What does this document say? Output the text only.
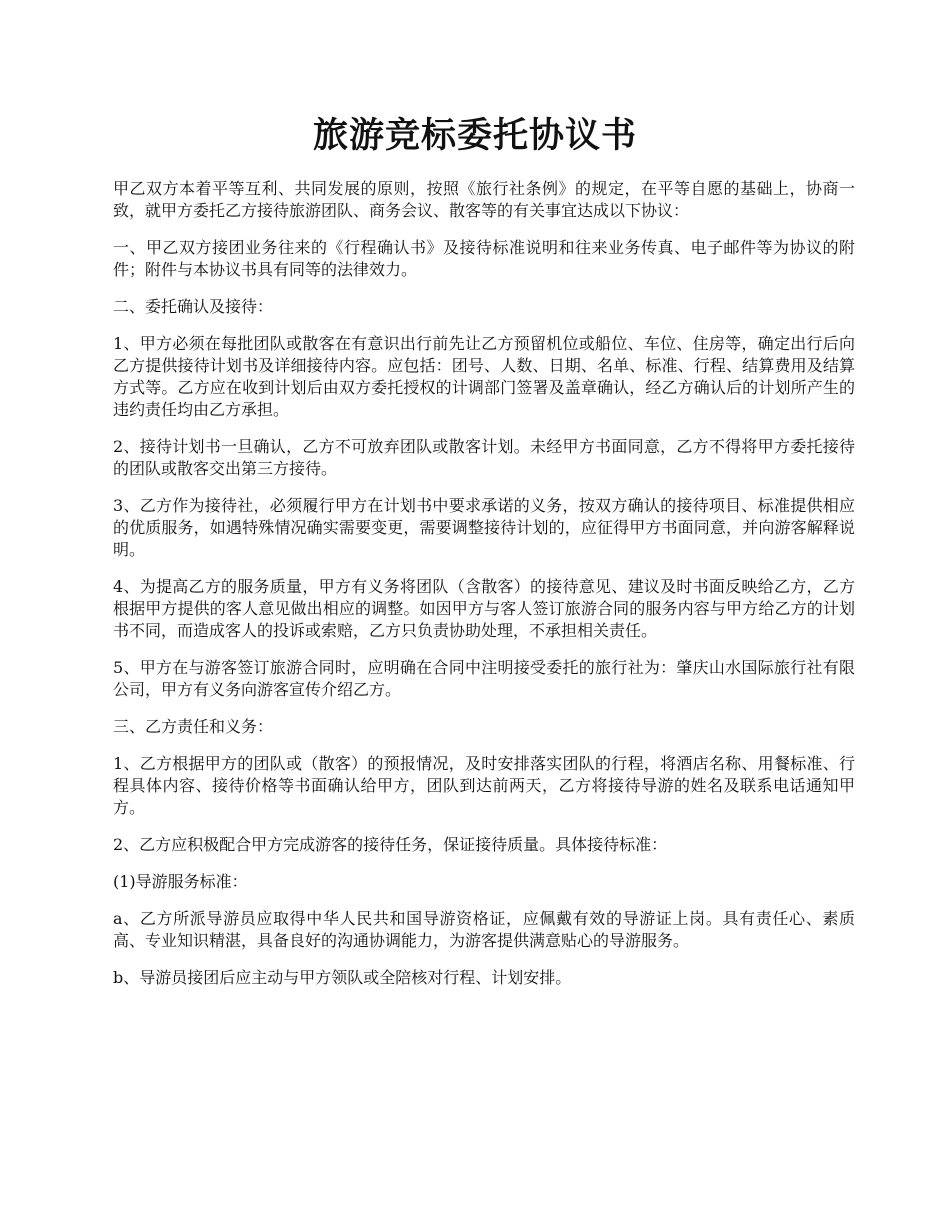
旅游竞标委托协议书

甲乙双方本着平等互利、共同发展的原则，按照《旅行社条例》的规定，在平等自愿的基础上，协商一致，就甲方委托乙方接待旅游团队、商务会议、散客等的有关事宜达成以下协议：

一、甲乙双方接团业务往来的《行程确认书》及接待标准说明和往来业务传真、电子邮件等为协议的附件；附件与本协议书具有同等的法律效力。

二、委托确认及接待：

1、甲方必须在每批团队或散客在有意识出行前先让乙方预留机位或船位、车位、住房等，确定出行后向乙方提供接待计划书及详细接待内容。应包括：团号、人数、日期、名单、标准、行程、结算费用及结算方式等。乙方应在收到计划后由双方委托授权的计调部门签署及盖章确认，经乙方确认后的计划所产生的违约责任均由乙方承担。

2、接待计划书一旦确认，乙方不可放弃团队或散客计划。未经甲方书面同意，乙方不得将甲方委托接待的团队或散客交出第三方接待。

3、乙方作为接待社，必须履行甲方在计划书中要求承诺的义务，按双方确认的接待项目、标准提供相应的优质服务，如遇特殊情况确实需要变更，需要调整接待计划的，应征得甲方书面同意，并向游客解释说明。

4、为提高乙方的服务质量，甲方有义务将团队（含散客）的接待意见、建议及时书面反映给乙方，乙方根据甲方提供的客人意见做出相应的调整。如因甲方与客人签订旅游合同的服务内容与甲方给乙方的计划书不同，而造成客人的投诉或索赔，乙方只负责协助处理，不承担相关责任。

5、甲方在与游客签订旅游合同时，应明确在合同中注明接受委托的旅行社为：肇庆山水国际旅行社有限公司，甲方有义务向游客宣传介绍乙方。

三、乙方责任和义务：

1、乙方根据甲方的团队或（散客）的预报情况，及时安排落实团队的行程，将酒店名称、用餐标准、行程具体内容、接待价格等书面确认给甲方，团队到达前两天，乙方将接待导游的姓名及联系电话通知甲方。

2、乙方应积极配合甲方完成游客的接待任务，保证接待质量。具体接待标准：

(1)导游服务标准：

a、乙方所派导游员应取得中华人民共和国导游资格证，应佩戴有效的导游证上岗。具有责任心、素质高、专业知识精湛，具备良好的沟通协调能力，为游客提供满意贴心的导游服务。

b、导游员接团后应主动与甲方领队或全陪核对行程、计划安排。
